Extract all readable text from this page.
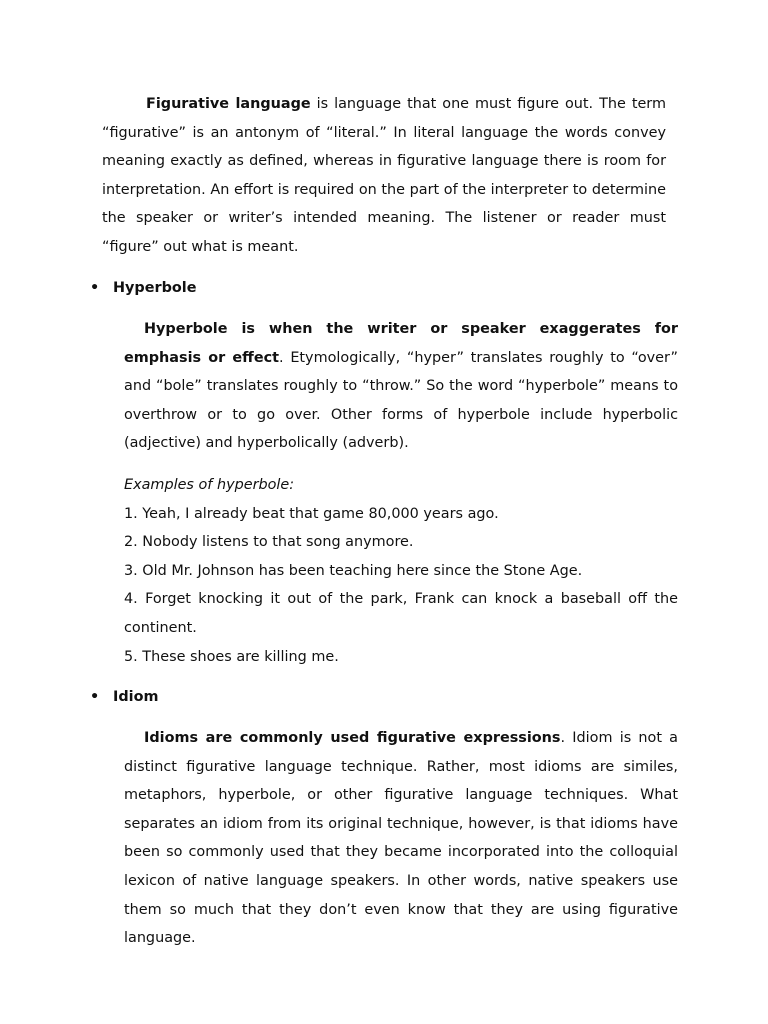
Figurative language is language that one must figure out. The term “figurative” is an antonym of “literal.” In literal language the words convey meaning exactly as defined, whereas in figurative language there is room for interpretation. An effort is required on the part of the interpreter to determine the speaker or writer’s intended meaning. The listener or reader must “figure” out what is meant.

• Hyperbole

Hyperbole is when the writer or speaker exaggerates for emphasis or effect. Etymologically, “hyper” translates roughly to “over” and “bole” translates roughly to “throw.” So the word “hyperbole” means to overthrow or to go over. Other forms of hyperbole include hyperbolic (adjective) and hyperbolically (adverb).

Examples of hyperbole:

1. Yeah, I already beat that game 80,000 years ago.
2. Nobody listens to that song anymore.
3. Old Mr. Johnson has been teaching here since the Stone Age.
4. Forget knocking it out of the park, Frank can knock a baseball off the continent.
5. These shoes are killing me.
• Idiom

Idioms are commonly used figurative expressions. Idiom is not a distinct figurative language technique. Rather, most idioms are similes, metaphors, hyperbole, or other figurative language techniques. What separates an idiom from its original technique, however, is that idioms have been so commonly used that they became incorporated into the colloquial lexicon of native language speakers. In other words, native speakers use them so much that they don’t even know that they are using figurative language.
